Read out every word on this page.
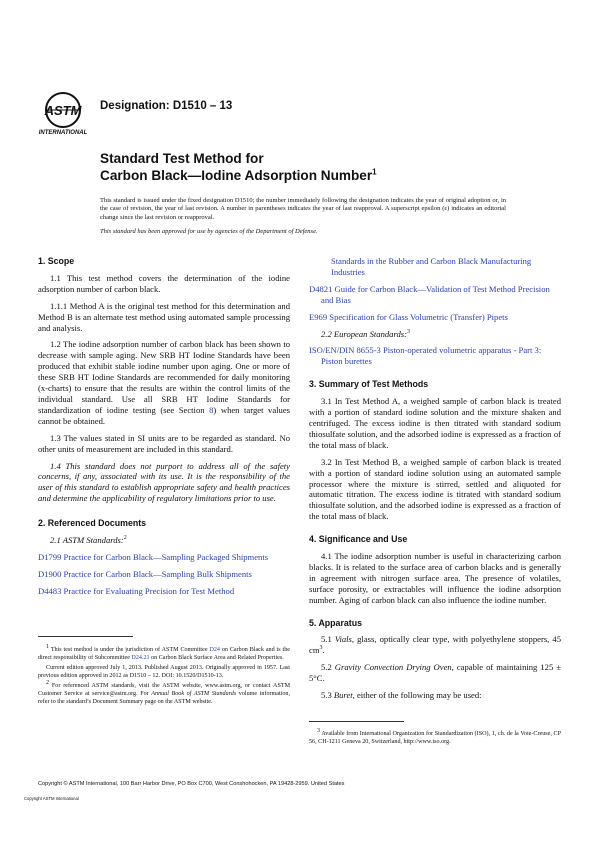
ASTM
INTERNATIONAL
Designation: D1510 – 13
Standard Test Method for
Carbon Black—Iodine Adsorption Number$^1$

This standard is issued under the fixed designation D1510; the number immediately following the designation indicates the year of original adoption or, in the case of revision, the year of last revision. A number in parentheses indicates the year of last reapproval. A superscript epsilon (ε) indicates an editorial change since the last revision or reapproval.

This standard has been approved for use by agencies of the Department of Defense.

1. Scope

1.1 This test method covers the determination of the iodine adsorption number of carbon black.

1.1.1 Method A is the original test method for this determination and Method B is an alternate test method using automated sample processing and analysis.

1.2 The iodine adsorption number of carbon black has been shown to decrease with sample aging. New SRB HT Iodine Standards have been produced that exhibit stable iodine number upon aging. One or more of these SRB HT Iodine Standards are recommended for daily monitoring (x-charts) to ensure that the results are within the control limits of the individual standard. Use all SRB HT Iodine Standards for standardization of iodine testing (see Section 8) when target values cannot be obtained.

1.3 The values stated in SI units are to be regarded as standard. No other units of measurement are included in this standard.

1.4 This standard does not purport to address all of the safety concerns, if any, associated with its use. It is the responsibility of the user of this standard to establish appropriate safety and health practices and determine the applicability of regulatory limitations prior to use.

2. Referenced Documents

2.1 ASTM Standards:$^2$

D1799 Practice for Carbon Black—Sampling Packaged Shipments

D1900 Practice for Carbon Black—Sampling Bulk Shipments

D4483 Practice for Evaluating Precision for Test Method

$^1$ This test method is under the jurisdiction of ASTM Committee D24 on Carbon Black and is the direct responsibility of Subcommittee D24.21 on Carbon Black Surface Area and Related Properties.

Current edition approved July 1, 2013. Published August 2013. Originally approved in 1957. Last previous edition approved in 2012 as D1510 – 12. DOI: 10.1520/D1510-13.

$^2$ For referenced ASTM standards, visit the ASTM website, www.astm.org, or contact ASTM Customer Service at service@astm.org. For Annual Book of ASTM Standards volume information, refer to the standard’s Document Summary page on the ASTM website.

Standards in the Rubber and Carbon Black Manufacturing Industries

D4821 Guide for Carbon Black—Validation of Test Method Precision and Bias

E969 Specification for Glass Volumetric (Transfer) Pipets

2.2 European Standards:$^3$

ISO/EN/DIN 8655-3 Piston-operated volumetric apparatus - Part 3: Piston burettes

3. Summary of Test Methods

3.1 In Test Method A, a weighed sample of carbon black is treated with a portion of standard iodine solution and the mixture shaken and centrifuged. The excess iodine is then titrated with standard sodium thiosulfate solution, and the adsorbed iodine is expressed as a fraction of the total mass of black.

3.2 In Test Method B, a weighed sample of carbon black is treated with a portion of standard iodine solution using an automated sample processor where the mixture is stirred, settled and aliquoted for automatic titration. The excess iodine is titrated with standard sodium thiosulfate solution, and the adsorbed iodine is expressed as a fraction of the total mass of black.

4. Significance and Use

4.1 The iodine adsorption number is useful in characterizing carbon blacks. It is related to the surface area of carbon blacks and is generally in agreement with nitrogen surface area. The presence of volatiles, surface porosity, or extractables will influence the iodine adsorption number. Aging of carbon black can also influence the iodine number.

5. Apparatus

5.1 Vials, glass, optically clear type, with polyethylene stoppers, 45 $cm^3$.

5.2 Gravity Convection Drying Oven, capable of maintaining 125 ± 5°C.

5.3 Buret, either of the following may be used:

$^3$ Available from International Organization for Standardization (ISO), 1, ch. de la Voie-Creuse, CP 56, CH-1211 Geneva 20, Switzerland, http://www.iso.org.

Copyright © ASTM International, 100 Barr Harbor Drive, PO Box C700, West Conshohocken, PA 19428-2959. United States
Copyright ASTM International
